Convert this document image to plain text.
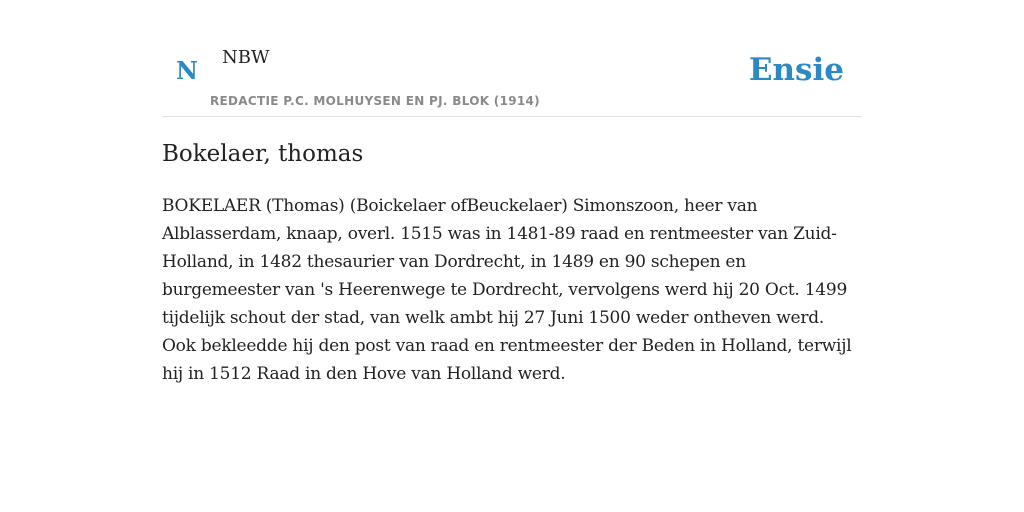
N NBW
REDACTIE P.C. MOLHUYSEN EN PJ. BLOK (1914)
Ensie
Bokelaer, thomas

BOKELAER (Thomas) (Boickelaer ofBeuckelaer) Simonszoon, heer van Alblasserdam, knaap, overl. 1515 was in 1481-89 raad en rentmeester van Zuid-Holland, in 1482 thesaurier van Dordrecht, in 1489 en 90 schepen en burgemeester van 's Heerenwege te Dordrecht, vervolgens werd hij 20 Oct. 1499 tijdelijk schout der stad, van welk ambt hij 27 Juni 1500 weder ontheven werd. Ook bekleedde hij den post van raad en rentmeester der Beden in Holland, terwijl hij in 1512 Raad in den Hove van Holland werd.
